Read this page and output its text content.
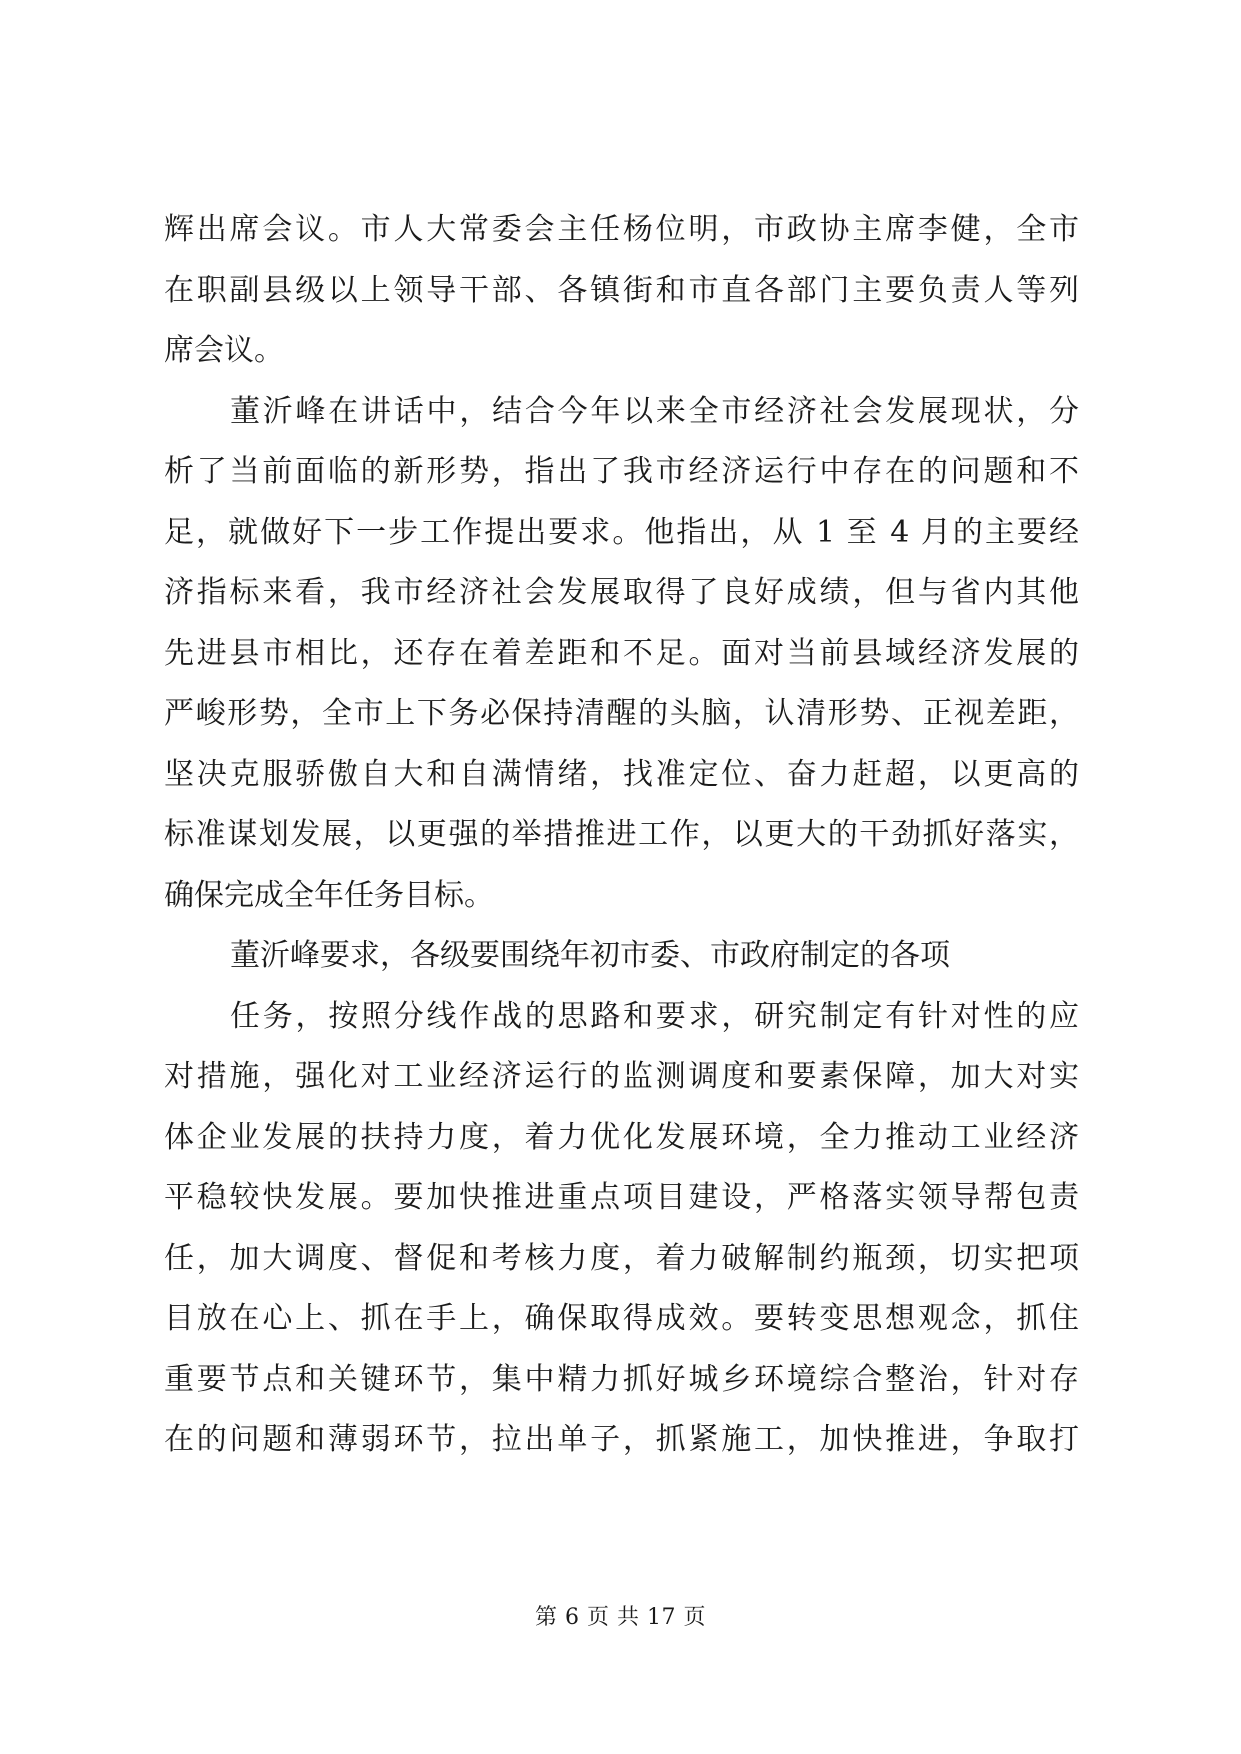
辉出席会议。市人大常委会主任杨位明，市政协主席李健，全市
在职副县级以上领导干部、各镇街和市直各部门主要负责人等列
席会议。
董沂峰在讲话中，结合今年以来全市经济社会发展现状，分
析了当前面临的新形势，指出了我市经济运行中存在的问题和不
足，就做好下一步工作提出要求。他指出，从 1 至 4 月的主要经
济指标来看，我市经济社会发展取得了良好成绩，但与省内其他
先进县市相比，还存在着差距和不足。面对当前县域经济发展的
严峻形势，全市上下务必保持清醒的头脑，认清形势、正视差距，
坚决克服骄傲自大和自满情绪，找准定位、奋力赶超，以更高的
标准谋划发展，以更强的举措推进工作，以更大的干劲抓好落实，
确保完成全年任务目标。
董沂峰要求，各级要围绕年初市委、市政府制定的各项
任务，按照分线作战的思路和要求，研究制定有针对性的应
对措施，强化对工业经济运行的监测调度和要素保障，加大对实
体企业发展的扶持力度，着力优化发展环境，全力推动工业经济
平稳较快发展。要加快推进重点项目建设，严格落实领导帮包责
任，加大调度、督促和考核力度，着力破解制约瓶颈，切实把项
目放在心上、抓在手上，确保取得成效。要转变思想观念，抓住
重要节点和关键环节，集中精力抓好城乡环境综合整治，针对存
在的问题和薄弱环节，拉出单子，抓紧施工，加快推进，争取打
第 6 页 共 17 页
